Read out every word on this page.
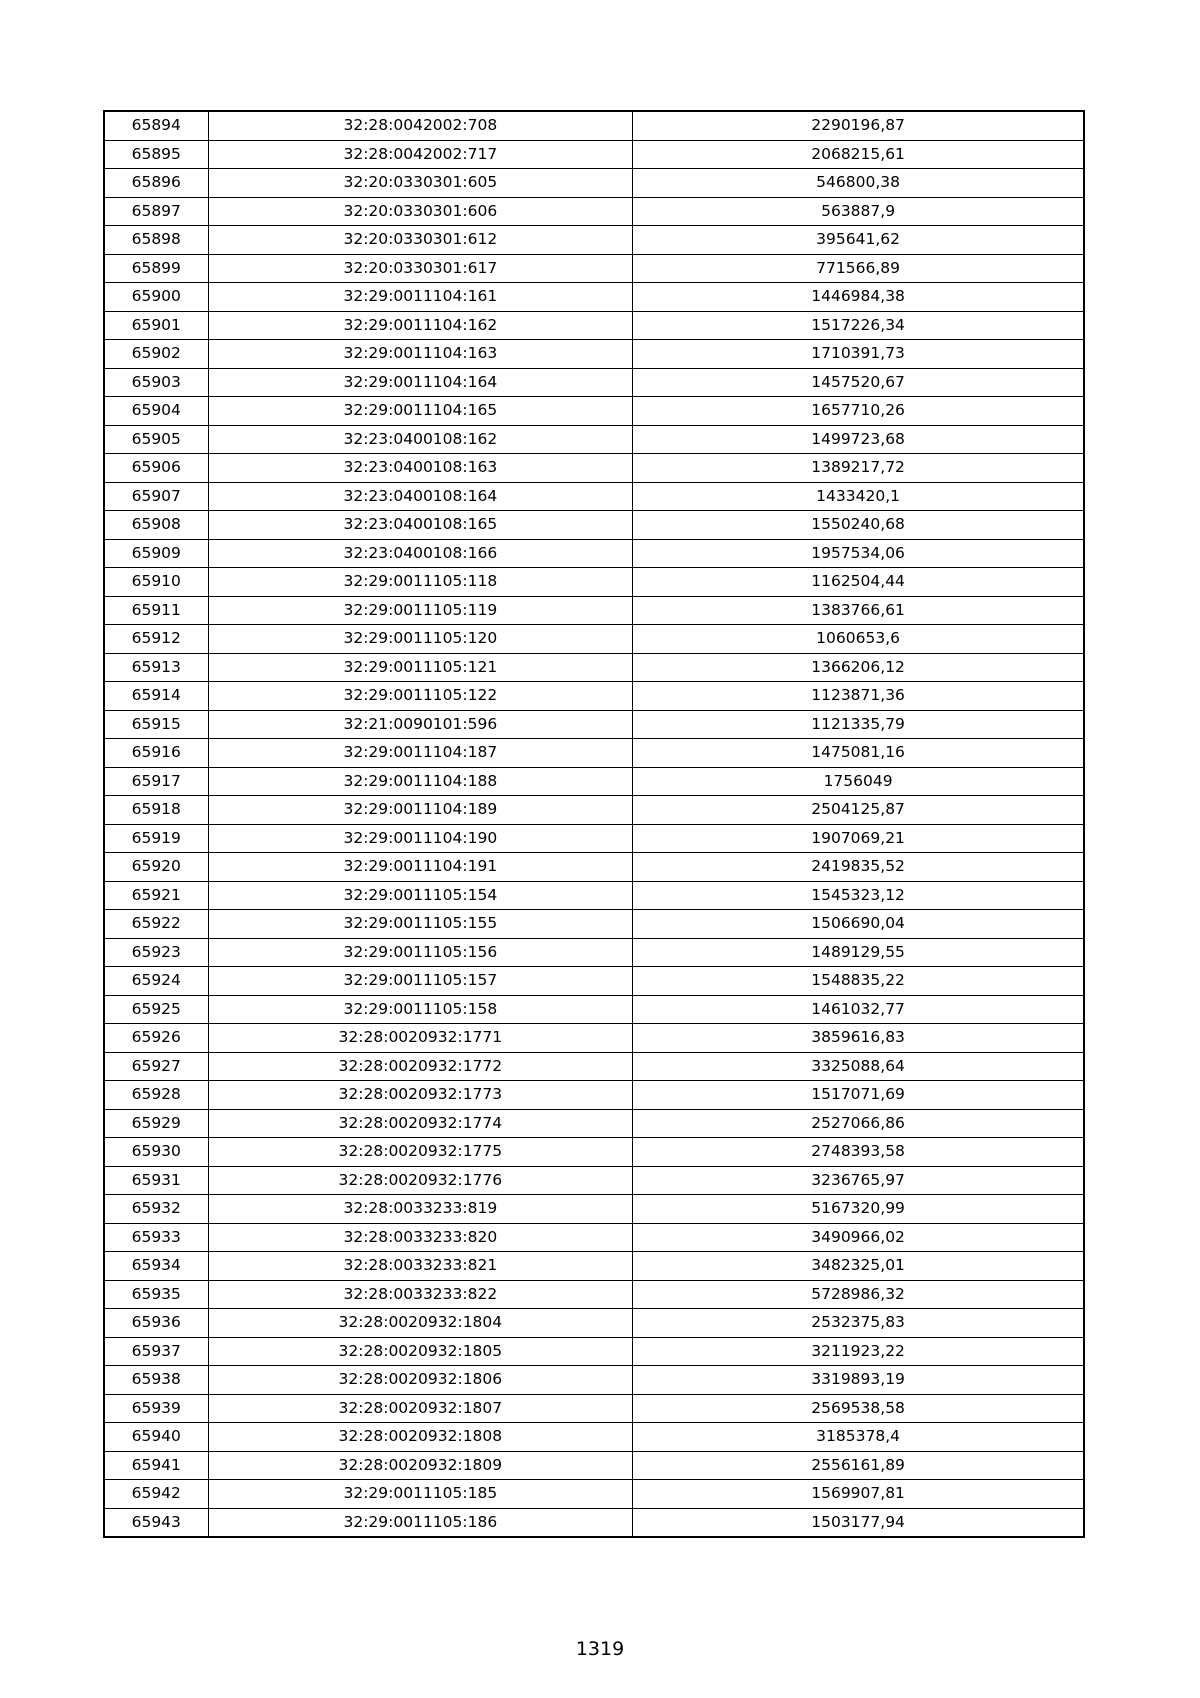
65894	32:28:0042002:708	2290196,87
65895	32:28:0042002:717	2068215,61
65896	32:20:0330301:605	546800,38
65897	32:20:0330301:606	563887,9
65898	32:20:0330301:612	395641,62
65899	32:20:0330301:617	771566,89
65900	32:29:0011104:161	1446984,38
65901	32:29:0011104:162	1517226,34
65902	32:29:0011104:163	1710391,73
65903	32:29:0011104:164	1457520,67
65904	32:29:0011104:165	1657710,26
65905	32:23:0400108:162	1499723,68
65906	32:23:0400108:163	1389217,72
65907	32:23:0400108:164	1433420,1
65908	32:23:0400108:165	1550240,68
65909	32:23:0400108:166	1957534,06
65910	32:29:0011105:118	1162504,44
65911	32:29:0011105:119	1383766,61
65912	32:29:0011105:120	1060653,6
65913	32:29:0011105:121	1366206,12
65914	32:29:0011105:122	1123871,36
65915	32:21:0090101:596	1121335,79
65916	32:29:0011104:187	1475081,16
65917	32:29:0011104:188	1756049
65918	32:29:0011104:189	2504125,87
65919	32:29:0011104:190	1907069,21
65920	32:29:0011104:191	2419835,52
65921	32:29:0011105:154	1545323,12
65922	32:29:0011105:155	1506690,04
65923	32:29:0011105:156	1489129,55
65924	32:29:0011105:157	1548835,22
65925	32:29:0011105:158	1461032,77
65926	32:28:0020932:1771	3859616,83
65927	32:28:0020932:1772	3325088,64
65928	32:28:0020932:1773	1517071,69
65929	32:28:0020932:1774	2527066,86
65930	32:28:0020932:1775	2748393,58
65931	32:28:0020932:1776	3236765,97
65932	32:28:0033233:819	5167320,99
65933	32:28:0033233:820	3490966,02
65934	32:28:0033233:821	3482325,01
65935	32:28:0033233:822	5728986,32
65936	32:28:0020932:1804	2532375,83
65937	32:28:0020932:1805	3211923,22
65938	32:28:0020932:1806	3319893,19
65939	32:28:0020932:1807	2569538,58
65940	32:28:0020932:1808	3185378,4
65941	32:28:0020932:1809	2556161,89
65942	32:29:0011105:185	1569907,81
65943	32:29:0011105:186	1503177,94
1319
